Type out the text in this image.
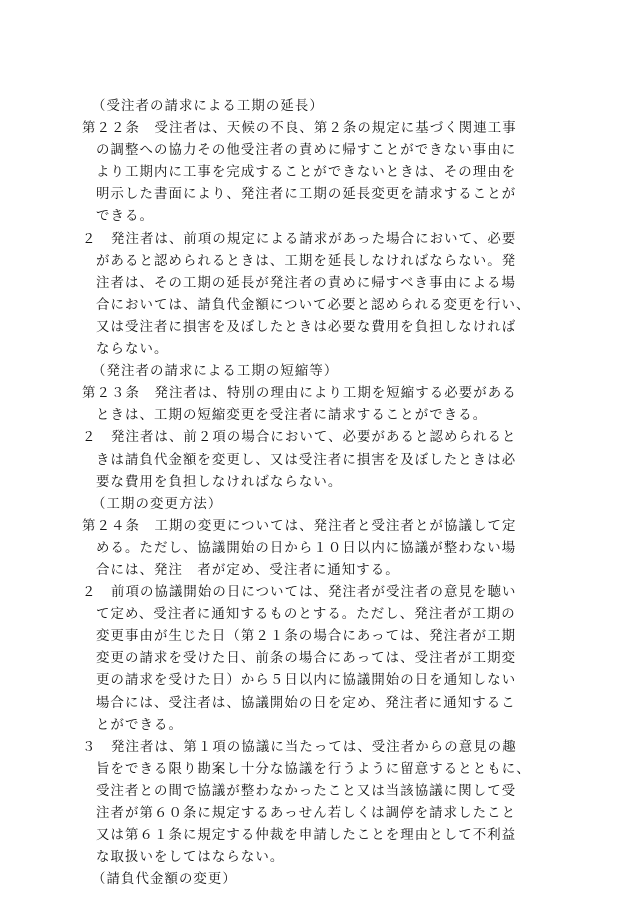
（受注者の請求による工期の延長）
第２２条　受注者は、天候の不良、第２条の規定に基づく関連工事
の調整への協力その他受注者の責めに帰すことができない事由に
より工期内に工事を完成することができないときは、その理由を
明示した書面により、発注者に工期の延長変更を請求することが
できる。
２　発注者は、前項の規定による請求があった場合において、必要
があると認められるときは、工期を延長しなければならない。発
注者は、その工期の延長が発注者の責めに帰すべき事由による場
合においては、請負代金額について必要と認められる変更を行い、
又は受注者に損害を及ぼしたときは必要な費用を負担しなければ
ならない。
（発注者の請求による工期の短縮等）
第２３条　発注者は、特別の理由により工期を短縮する必要がある
ときは、工期の短縮変更を受注者に請求することができる。
２　発注者は、前２項の場合において、必要があると認められると
きは請負代金額を変更し、又は受注者に損害を及ぼしたときは必
要な費用を負担しなければならない。
（工期の変更方法）
第２４条　工期の変更については、発注者と受注者とが協議して定
める。ただし、協議開始の日から１０日以内に協議が整わない場
合には、発注　者が定め、受注者に通知する。
２　前項の協議開始の日については、発注者が受注者の意見を聴い
て定め、受注者に通知するものとする。ただし、発注者が工期の
変更事由が生じた日（第２１条の場合にあっては、発注者が工期
変更の請求を受けた日、前条の場合にあっては、受注者が工期変
更の請求を受けた日）から５日以内に協議開始の日を通知しない
場合には、受注者は、協議開始の日を定め、発注者に通知するこ
とができる。
３　発注者は、第１項の協議に当たっては、受注者からの意見の趣
旨をできる限り勘案し十分な協議を行うように留意するとともに、
受注者との間で協議が整わなかったこと又は当該協議に関して受
注者が第６０条に規定するあっせん若しくは調停を請求したこと
又は第６１条に規定する仲裁を申請したことを理由として不利益
な取扱いをしてはならない。
（請負代金額の変更）
